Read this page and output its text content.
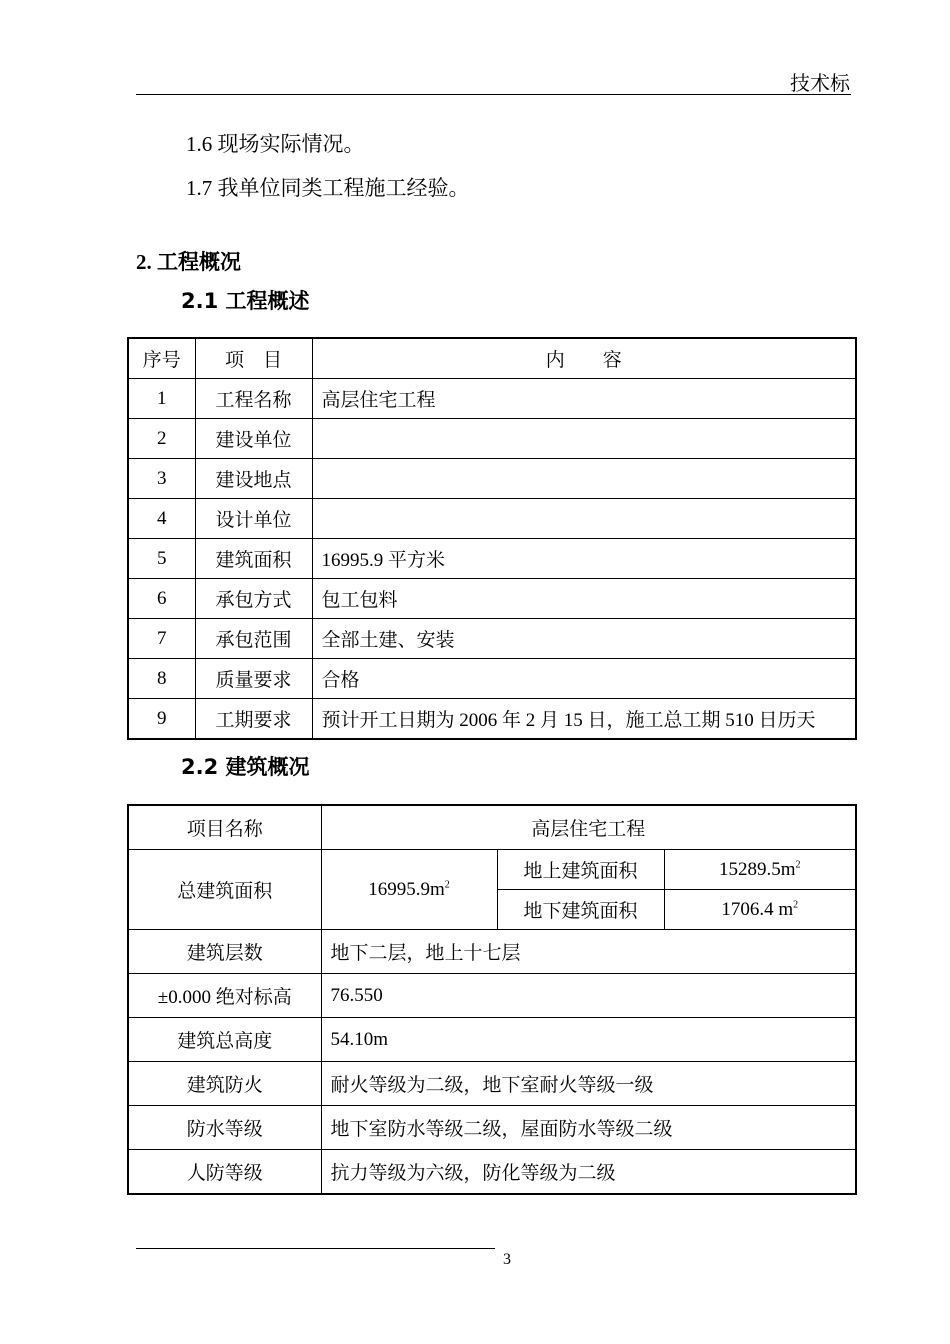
技术标
1.6 现场实际情况。
1.7 我单位同类工程施工经验。
2. 工程概况
2.1 工程概述
序号	项　目	内　　容
1	工程名称	高层住宅工程
2	建设单位	
3	建设地点	
4	设计单位	
5	建筑面积	16995.9 平方米
6	承包方式	包工包料
7	承包范围	全部土建、安装
8	质量要求	合格
9	工期要求	预计开工日期为 2006 年 2 月 15 日，施工总工期 510 日历天
2.2 建筑概况
项目名称	高层住宅工程		
总建筑面积	$16995.9m^2$	地上建筑面积	$15289.5m^2$
		地下建筑面积	1706.4 $m^2$
建筑层数	地下二层，地上十七层		
±0.000 绝对标高	76.550		
建筑总高度	54.10m		
建筑防火	耐火等级为二级，地下室耐火等级一级		
防水等级	地下室防水等级二级，屋面防水等级二级		
人防等级	抗力等级为六级，防化等级为二级		
3
